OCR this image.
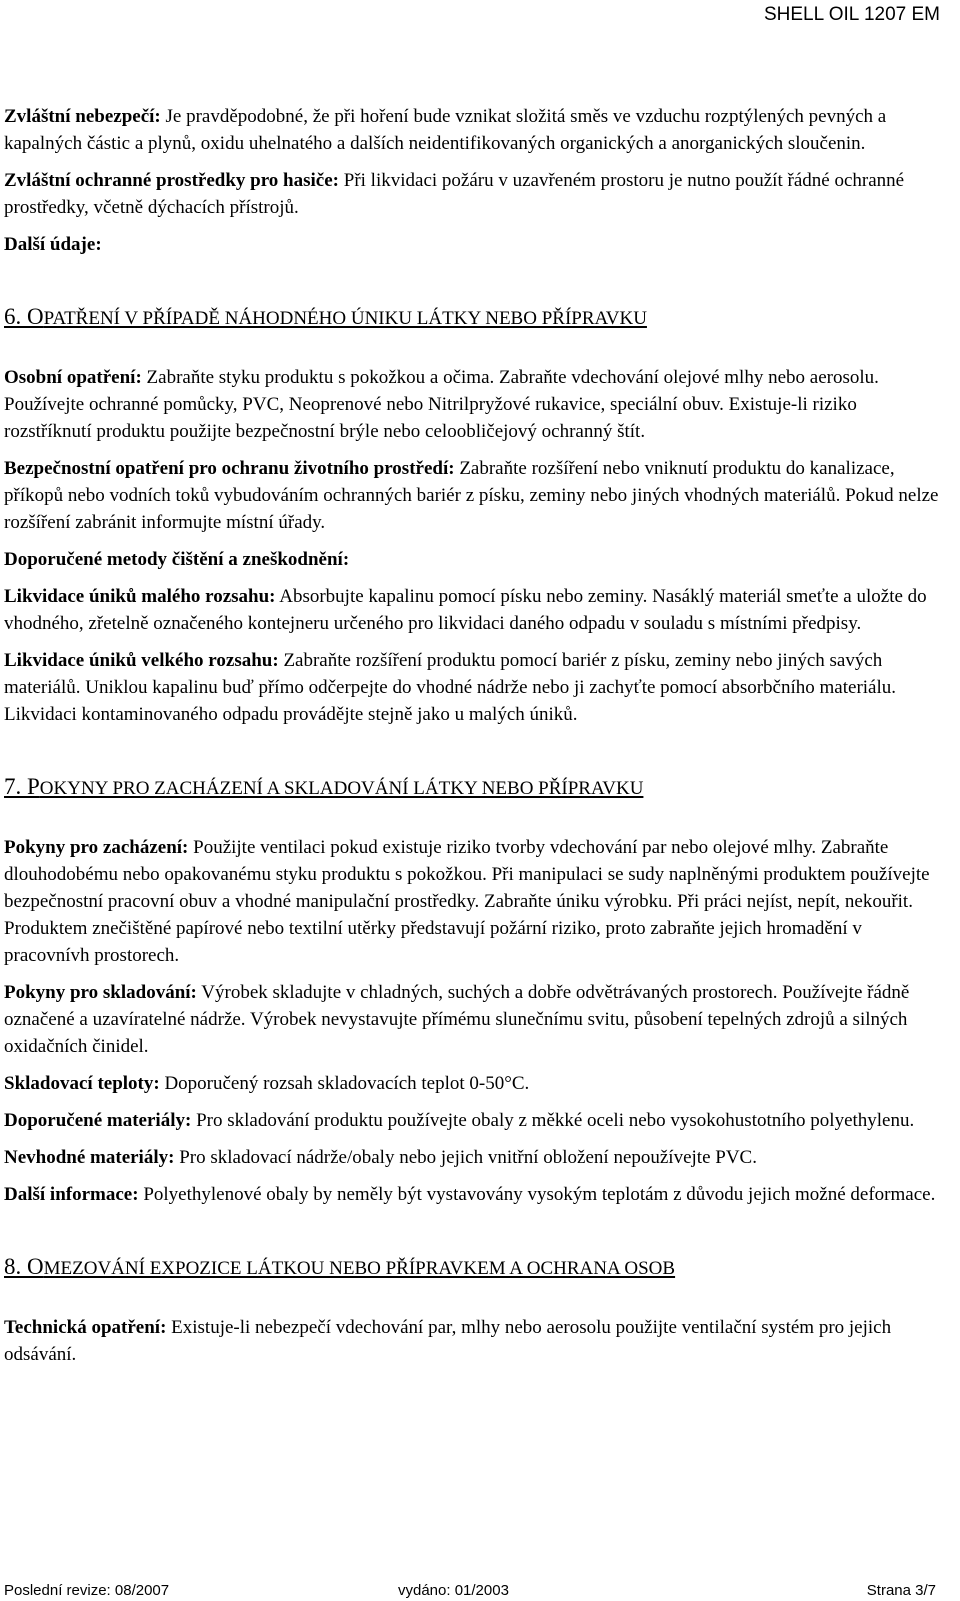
SHELL OIL 1207 EM

Zvláštní nebezpečí: Je pravděpodobné, že při hoření bude vznikat složitá směs ve vzduchu rozptýlených pevných a kapalných částic a plynů, oxidu uhelnatého a dalších neidentifikovaných organických a anorganických sloučenin.

Zvláštní ochranné prostředky pro hasiče: Při likvidaci požáru v uzavřeném prostoru je nutno použít řádné ochranné prostředky, včetně dýchacích přístrojů.

Další údaje:

6. OPATŘENÍ V PŘÍPADĚ NÁHODNÉHO ÚNIKU LÁTKY NEBO PŘÍPRAVKU

Osobní opatření: Zabraňte styku produktu s pokožkou a očima. Zabraňte vdechování olejové mlhy nebo aerosolu. Používejte ochranné pomůcky, PVC, Neoprenové nebo Nitrilpryžové rukavice, speciální obuv. Existuje-li riziko rozstříknutí produktu použijte bezpečnostní brýle nebo celoobličejový ochranný štít.

Bezpečnostní opatření pro ochranu životního prostředí: Zabraňte rozšíření nebo vniknutí produktu do kanalizace, příkopů nebo vodních toků vybudováním ochranných bariér z písku, zeminy nebo jiných vhodných materiálů. Pokud nelze rozšíření zabránit informujte místní úřady.

Doporučené metody čištění a zneškodnění:

Likvidace úniků malého rozsahu: Absorbujte kapalinu pomocí písku nebo zeminy. Nasáklý materiál smeťte a uložte do vhodného, zřetelně označeného kontejneru určeného pro likvidaci daného odpadu v souladu s místními předpisy.

Likvidace úniků velkého rozsahu: Zabraňte rozšíření produktu pomocí bariér z písku, zeminy nebo jiných savých materiálů. Uniklou kapalinu buď přímo odčerpejte do vhodné nádrže nebo ji zachyťte pomocí absorbčního materiálu. Likvidaci kontaminovaného odpadu provádějte stejně jako u malých úniků.

7. POKYNY PRO ZACHÁZENÍ A SKLADOVÁNÍ LÁTKY NEBO PŘÍPRAVKU

Pokyny pro zacházení: Použijte ventilaci pokud existuje riziko tvorby vdechování par nebo olejové mlhy. Zabraňte dlouhodobému nebo opakovanému styku produktu s pokožkou. Při manipulaci se sudy naplněnými produktem používejte bezpečnostní pracovní obuv a vhodné manipulační prostředky. Zabraňte úniku výrobku. Při práci nejíst, nepít, nekouřit. Produktem znečištěné papírové nebo textilní utěrky představují požární riziko, proto zabraňte jejich hromadění v pracovnívh prostorech.

Pokyny pro skladování: Výrobek skladujte v chladných, suchých a dobře odvětrávaných prostorech. Používejte řádně označené a uzavíratelné nádrže. Výrobek nevystavujte přímému slunečnímu svitu, působení tepelných zdrojů a silných oxidačních činidel.

Skladovací teploty: Doporučený rozsah skladovacích teplot 0-50°C.

Doporučené materiály: Pro skladování produktu používejte obaly z měkké oceli nebo vysokohustotního polyethylenu.

Nevhodné materiály: Pro skladovací nádrže/obaly nebo jejich vnitřní obložení nepoužívejte PVC.

Další informace: Polyethylenové obaly by neměly být vystavovány vysokým teplotám z důvodu jejich možné deformace.

8. OMEZOVÁNÍ EXPOZICE LÁTKOU NEBO PŘÍPRAVKEM A OCHRANA OSOB

Technická opatření: Existuje-li nebezpečí vdechování par, mlhy nebo aerosolu použijte ventilační systém pro jejich odsávání.

Poslední revize: 08/2007	vydáno: 01/2003	Strana 3/7
